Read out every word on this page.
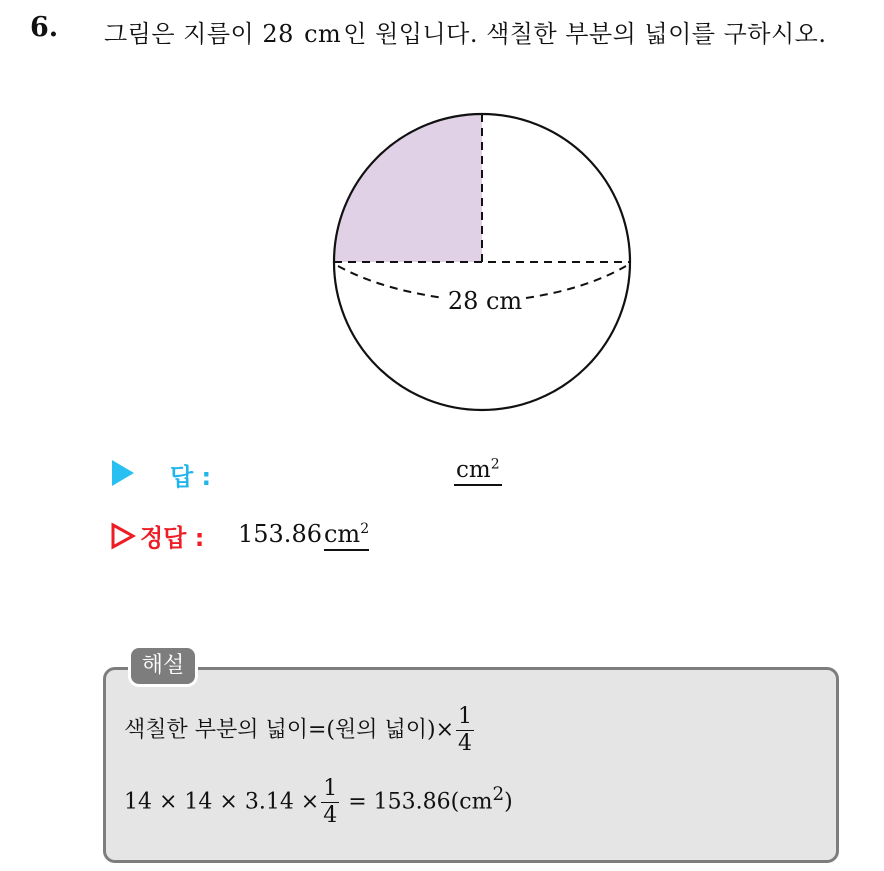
6. 그림은 지름이 28 cm인 원입니다. 색칠한 부분의 넓이를 구하시오.
28 cm
답 :	$cm^2$
정답 : $153.86cm^2$
해설
색칠한 부분의 넓이=(원의 넓이)× $\frac{1}{4}$
$14 \times 14 \times 3.14 \times \frac{1}{4} = 153.86(cm^2)$
